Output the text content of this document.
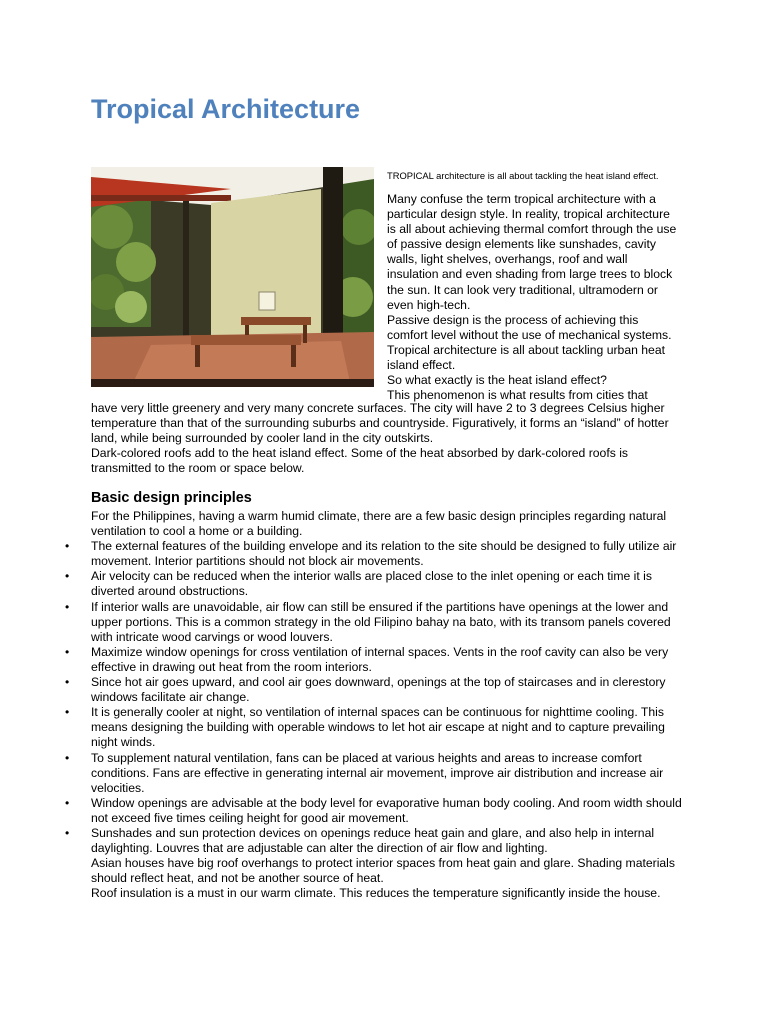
Tropical Architecture
TROPICAL architecture is all about tackling the heat island effect.

Many confuse the term tropical architecture with a particular design style. In reality, tropical architecture is all about achieving thermal comfort through the use of passive design elements like sunshades, cavity walls, light shelves, overhangs, roof and wall insulation and even shading from large trees to block the sun. It can look very traditional, ultramodern or even high-tech.

Passive design is the process of achieving this comfort level without the use of mechanical systems. Tropical architecture is all about tackling urban heat island effect.

So what exactly is the heat island effect?

This phenomenon is what results from cities that

have very little greenery and very many concrete surfaces. The city will have 2 to 3 degrees Celsius higher temperature than that of the surrounding suburbs and countryside. Figuratively, it forms an “island” of hotter land, while being surrounded by cooler land in the city outskirts.

Dark-colored roofs add to the heat island effect. Some of the heat absorbed by dark-colored roofs is transmitted to the room or space below.

Basic design principles

For the Philippines, having a warm humid climate, there are a few basic design principles regarding natural ventilation to cool a home or a building.

• The external features of the building envelope and its relation to the site should be designed to fully utilize air movement. Interior partitions should not block air movements.
• Air velocity can be reduced when the interior walls are placed close to the inlet opening or each time it is diverted around obstructions.
• If interior walls are unavoidable, air flow can still be ensured if the partitions have openings at the lower and upper portions. This is a common strategy in the old Filipino bahay na bato, with its transom panels covered with intricate wood carvings or wood louvers.
• Maximize window openings for cross ventilation of internal spaces. Vents in the roof cavity can also be very effective in drawing out heat from the room interiors.
• Since hot air goes upward, and cool air goes downward, openings at the top of staircases and in clerestory windows facilitate air change.
• It is generally cooler at night, so ventilation of internal spaces can be continuous for nighttime cooling. This means designing the building with operable windows to let hot air escape at night and to capture prevailing night winds.
• To supplement natural ventilation, fans can be placed at various heights and areas to increase comfort conditions. Fans are effective in generating internal air movement, improve air distribution and increase air velocities.
• Window openings are advisable at the body level for evaporative human body cooling. And room width should not exceed five times ceiling height for good air movement.

• Sunshades and sun protection devices on openings reduce heat gain and glare, and also help in internal daylighting. Louvres that are adjustable can alter the direction of air flow and lighting.

Asian houses have big roof overhangs to protect interior spaces from heat gain and glare. Shading materials should reflect heat, and not be another source of heat.

Roof insulation is a must in our warm climate. This reduces the temperature significantly inside the house.
